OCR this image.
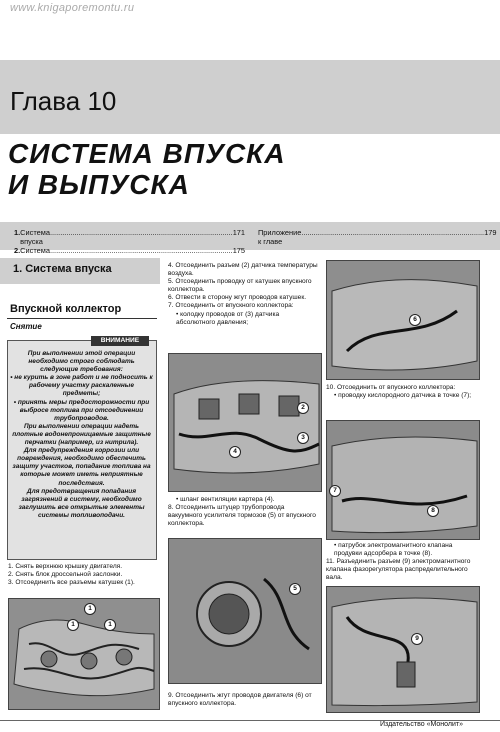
www.knigaporemontu.ru
Глава 10
СИСТЕМА ВПУСКА
И ВЫПУСКА
1. Система впуска
......................................................................................... 171
2. Система ......................................................................................... 175
Приложение к главе
......................................................................................... 179
1. Система впуска
Впускной коллектор
Снятие
ВНИМАНИЕ
При выполнении этой операции необходимо строго соблюдать следующие требования:
• не курить в зоне работ и не подносить к рабочему участку раскаленные предметы;
• принять меры предосторожности при выбросе топлива при отсоединении трубопроводов.
При выполнении операции надеть плотные водонепроницаемые защитные перчатки (например, из нитрила).
Для предупреждения коррозии или повреждения, необходимо обеспечить защиту участков, попадание топлива на которые может иметь неприятные последствия.
Для предотвращения попадания загрязнений в систему, необходимо заглушить все открытые элементы системы топливоподачи.
1. Снять верхнюю крышку двигателя.
2. Снять блок дроссельной заслонки.
3. Отсоединить все разъемы катушек (1).
1
1	1
4. Отсоединить разъем (2) датчика температуры воздуха.
5. Отсоединить проводку от катушек впускного коллектора.
6. Отвести в сторону жгут проводов катушек.
7. Отсоединить от впускного коллектора:
• колодку проводов от (3) датчика абсолютного давления;
2
3
4
• шланг вентиляции картера (4).
8. Отсоединить штуцер трубопровода вакуумного усилителя тормозов (5) от впускного коллектора.
5
9. Отсоединить жгут проводов двигателя (6) от впускного коллектора.
6
10. Отсоединить от впускного коллектора:
• проводку кислородного датчика в точке (7);
7
8
• патрубок электромагнитного клапана продувки адсорбера в точке (8).
11. Разъединить разъем (9) электромагнитного клапана фазорегулятора распределительного вала.
9
Издательство «Монолит»
